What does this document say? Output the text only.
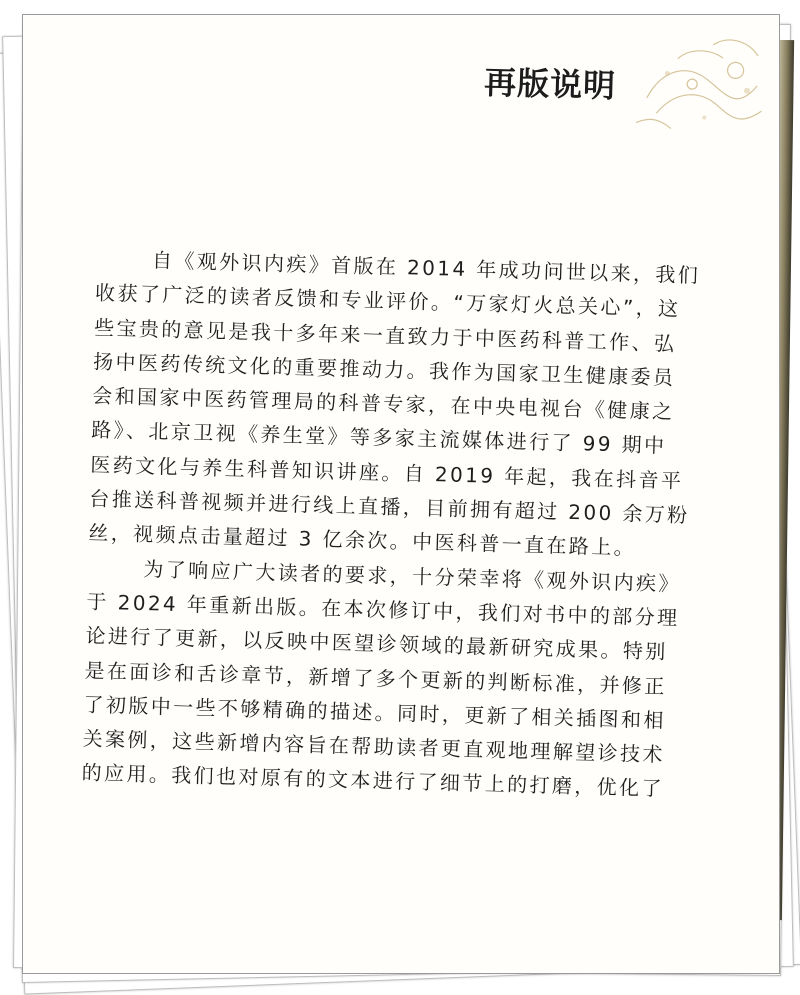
再版说明
自《观外识内疾》首版在 2014 年成功问世以来，我们
收获了广泛的读者反馈和专业评价。“万家灯火总关心”，这
些宝贵的意见是我十多年来一直致力于中医药科普工作、弘
扬中医药传统文化的重要推动力。我作为国家卫生健康委员
会和国家中医药管理局的科普专家，在中央电视台《健康之
路》、北京卫视《养生堂》等多家主流媒体进行了 99 期中
医药文化与养生科普知识讲座。自 2019 年起，我在抖音平
台推送科普视频并进行线上直播，目前拥有超过 200 余万粉
丝，视频点击量超过 3 亿余次。中医科普一直在路上。
为了响应广大读者的要求，十分荣幸将《观外识内疾》
于 2024 年重新出版。在本次修订中，我们对书中的部分理
论进行了更新，以反映中医望诊领域的最新研究成果。特别
是在面诊和舌诊章节，新增了多个更新的判断标准，并修正
了初版中一些不够精确的描述。同时，更新了相关插图和相
关案例，这些新增内容旨在帮助读者更直观地理解望诊技术
的应用。我们也对原有的文本进行了细节上的打磨，优化了
